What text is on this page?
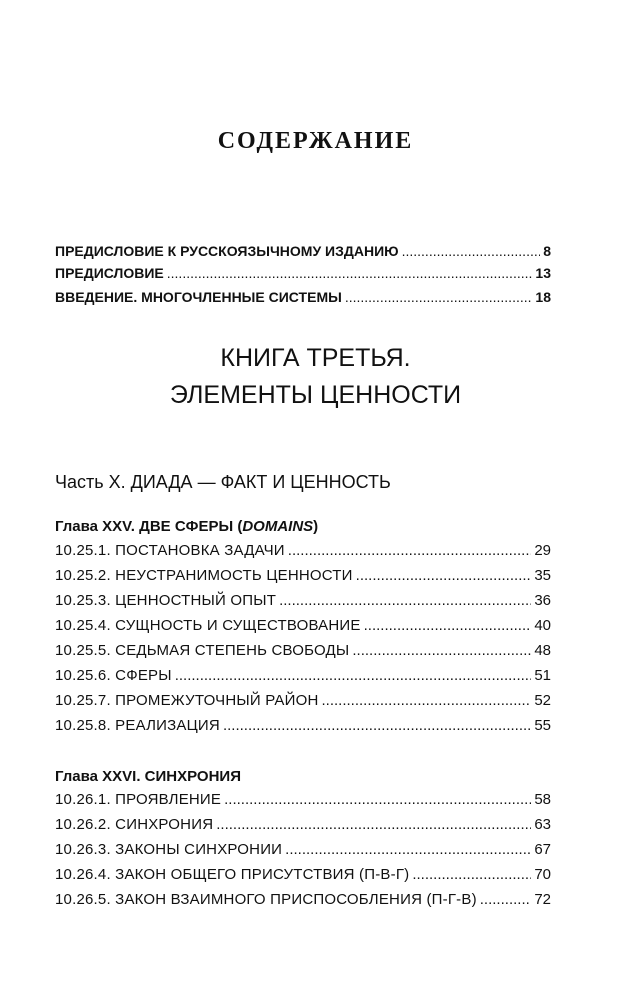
СОДЕРЖАНИЕ
ПРЕДИСЛОВИЕ К РУССКОЯЗЫЧНОМУ ИЗДАНИЮ .....	8
ПРЕДИСЛОВИЕ .....	13
ВВЕДЕНИЕ. МНОГОЧЛЕННЫЕ СИСТЕМЫ .....	18
КНИГА ТРЕТЬЯ.
ЭЛЕМЕНТЫ ЦЕННОСТИ
Часть X. ДИАДА — ФАКТ И ЦЕННОСТЬ
Глава XXV. ДВЕ СФЕРЫ (DOMAINS)
10.25.1. ПОСТАНОВКА ЗАДАЧИ .....	29
10.25.2. НЕУСТРАНИМОСТЬ ЦЕННОСТИ .....	35
10.25.3. ЦЕННОСТНЫЙ ОПЫТ .....	36
10.25.4. СУЩНОСТЬ И СУЩЕСТВОВАНИЕ .....	40
10.25.5. СЕДЬМАЯ СТЕПЕНЬ СВОБОДЫ .....	48
10.25.6. СФЕРЫ .....	51
10.25.7. ПРОМЕЖУТОЧНЫЙ РАЙОН .....	52
10.25.8. РЕАЛИЗАЦИЯ .....	55
Глава XXVI. СИНХРОНИЯ
10.26.1. ПРОЯВЛЕНИЕ .....	58
10.26.2. СИНХРОНИЯ .....	63
10.26.3. ЗАКОНЫ СИНХРОНИИ .....	67
10.26.4. ЗАКОН ОБЩЕГО ПРИСУТСТВИЯ (П-В-Г) .....	70
10.26.5. ЗАКОН ВЗАИМНОГО ПРИСПОСОБЛЕНИЯ (П-Г-В) .....	72
